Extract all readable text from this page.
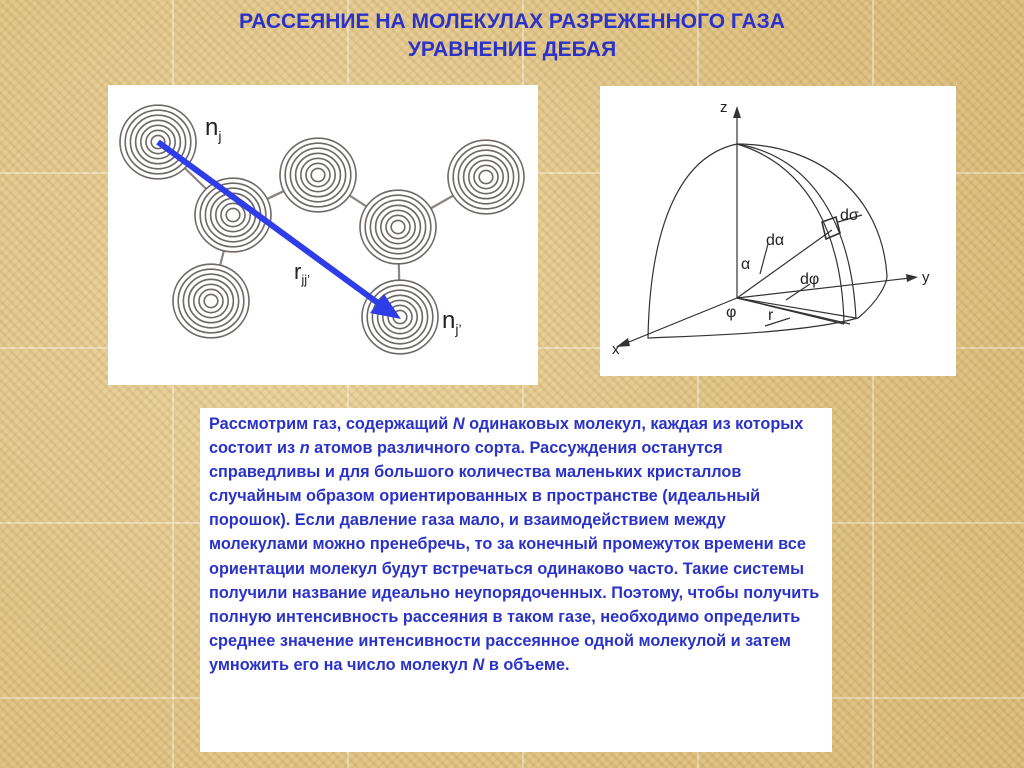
РАССЕЯНИЕ НА МОЛЕКУЛАХ РАЗРЕЖЕННОГО ГАЗА
УРАВНЕНИЕ ДЕБАЯ
$n_j$
$r_{jj’}$
$n_{j’}$
z
y
x
dσ
dα
α
dφ
φ r

Рассмотрим газ, содержащий N одинаковых молекул, каждая из которых состоит из n атомов различного сорта. Рассуждения останутся справедливы и для большого количества маленьких кристаллов случайным образом ориентированных в пространстве (идеальный порошок). Если давление газа мало, и взаимодействием между молекулами можно пренебречь, то за конечный промежуток времени все ориентации молекул будут встречаться одинаково часто. Такие системы получили название идеально неупорядоченных. Поэтому, чтобы получить полную интенсивность рассеяния в таком газе, необходимо определить среднее значение интенсивности рассеянное одной молекулой и затем умножить его на число молекул N в объеме.
